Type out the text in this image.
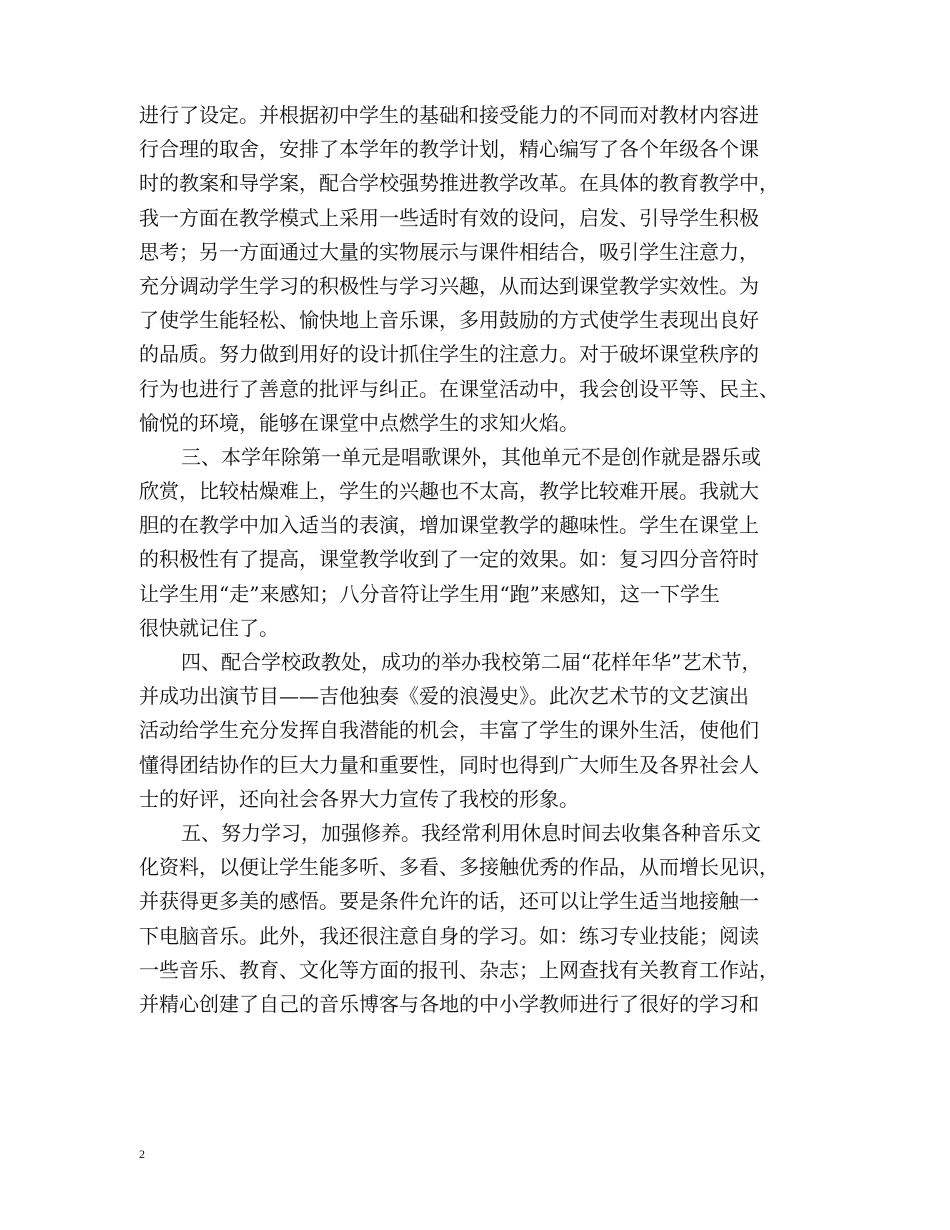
进行了设定。并根据初中学生的基础和接受能力的不同而对教材内容进
行合理的取舍，安排了本学年的教学计划，精心编写了各个年级各个课
时的教案和导学案，配合学校强势推进教学改革。在具体的教育教学中，
我一方面在教学模式上采用一些适时有效的设问，启发、引导学生积极
思考；另一方面通过大量的实物展示与课件相结合，吸引学生注意力，
充分调动学生学习的积极性与学习兴趣，从而达到课堂教学实效性。为
了使学生能轻松、愉快地上音乐课，多用鼓励的方式使学生表现出良好
的品质。努力做到用好的设计抓住学生的注意力。对于破坏课堂秩序的
行为也进行了善意的批评与纠正。在课堂活动中，我会创设平等、民主、
愉悦的环境，能够在课堂中点燃学生的求知火焰。
三、本学年除第一单元是唱歌课外，其他单元不是创作就是器乐或
欣赏，比较枯燥难上，学生的兴趣也不太高，教学比较难开展。我就大
胆的在教学中加入适当的表演，增加课堂教学的趣味性。学生在课堂上
的积极性有了提高，课堂教学收到了一定的效果。如：复习四分音符时
让学生用“走”来感知；八分音符让学生用“跑”来感知，这一下学生
很快就记住了。
四、配合学校政教处，成功的举办我校第二届“花样年华”艺术节，
并成功出演节目——吉他独奏《爱的浪漫史》。此次艺术节的文艺演出
活动给学生充分发挥自我潜能的机会，丰富了学生的课外生活，使他们
懂得团结协作的巨大力量和重要性，同时也得到广大师生及各界社会人
士的好评，还向社会各界大力宣传了我校的形象。
五、努力学习，加强修养。我经常利用休息时间去收集各种音乐文
化资料，以便让学生能多听、多看、多接触优秀的作品，从而增长见识，
并获得更多美的感悟。要是条件允许的话，还可以让学生适当地接触一
下电脑音乐。此外，我还很注意自身的学习。如：练习专业技能；阅读
一些音乐、教育、文化等方面的报刊、杂志；上网查找有关教育工作站，
并精心创建了自己的音乐博客与各地的中小学教师进行了很好的学习和
2
